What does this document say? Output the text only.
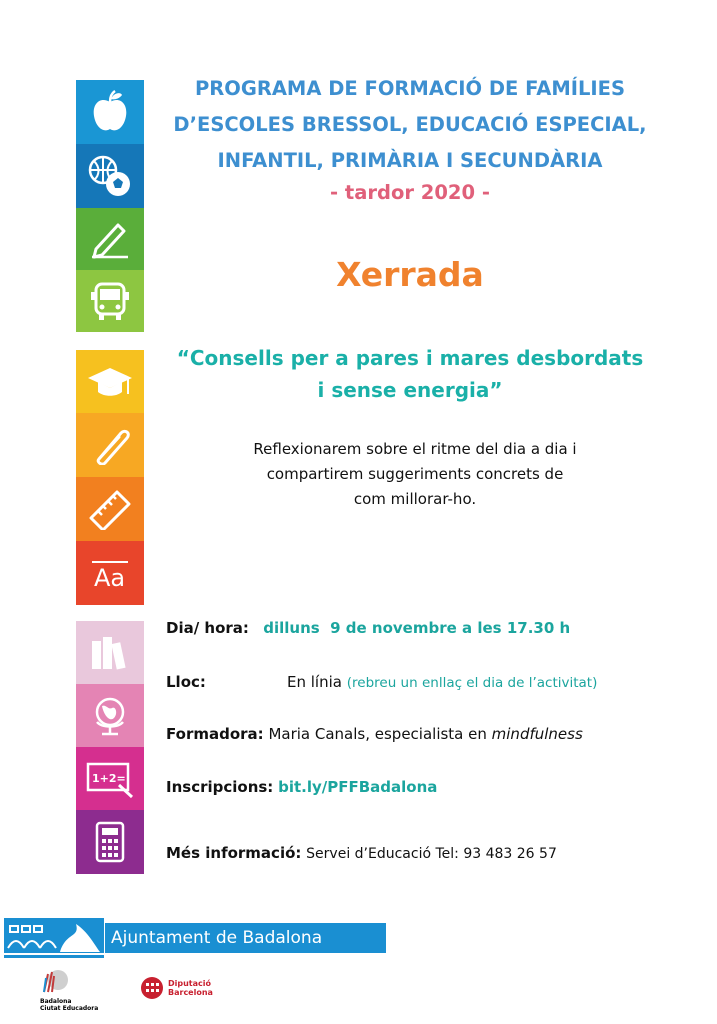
Aa
1+2=
PROGRAMA DE FORMACIÓ DE FAMÍLIES
D’ESCOLES BRESSOL, EDUCACIÓ ESPECIAL,
INFANTIL, PRIMÀRIA I SECUNDÀRIA
- tardor 2020 -
Xerrada
“Consells per a pares i mares desbordats
i sense energia”
Reflexionarem sobre el ritme del dia a dia i
compartirem suggeriments concrets de
com millorar-ho.
Dia/ hora: dilluns  9 de novembre a les 17.30 h
Lloc:	En línia (rebreu un enllaç el dia de l’activitat)
Formadora: Maria Canals, especialista en mindfulness
Inscripcions: bit.ly/PFFBadalona
Més informació: Servei d’Educació Tel: 93 483 26 57
Ajuntament de Badalona
Badalona
Ciutat Educadora
Diputació
Barcelona
